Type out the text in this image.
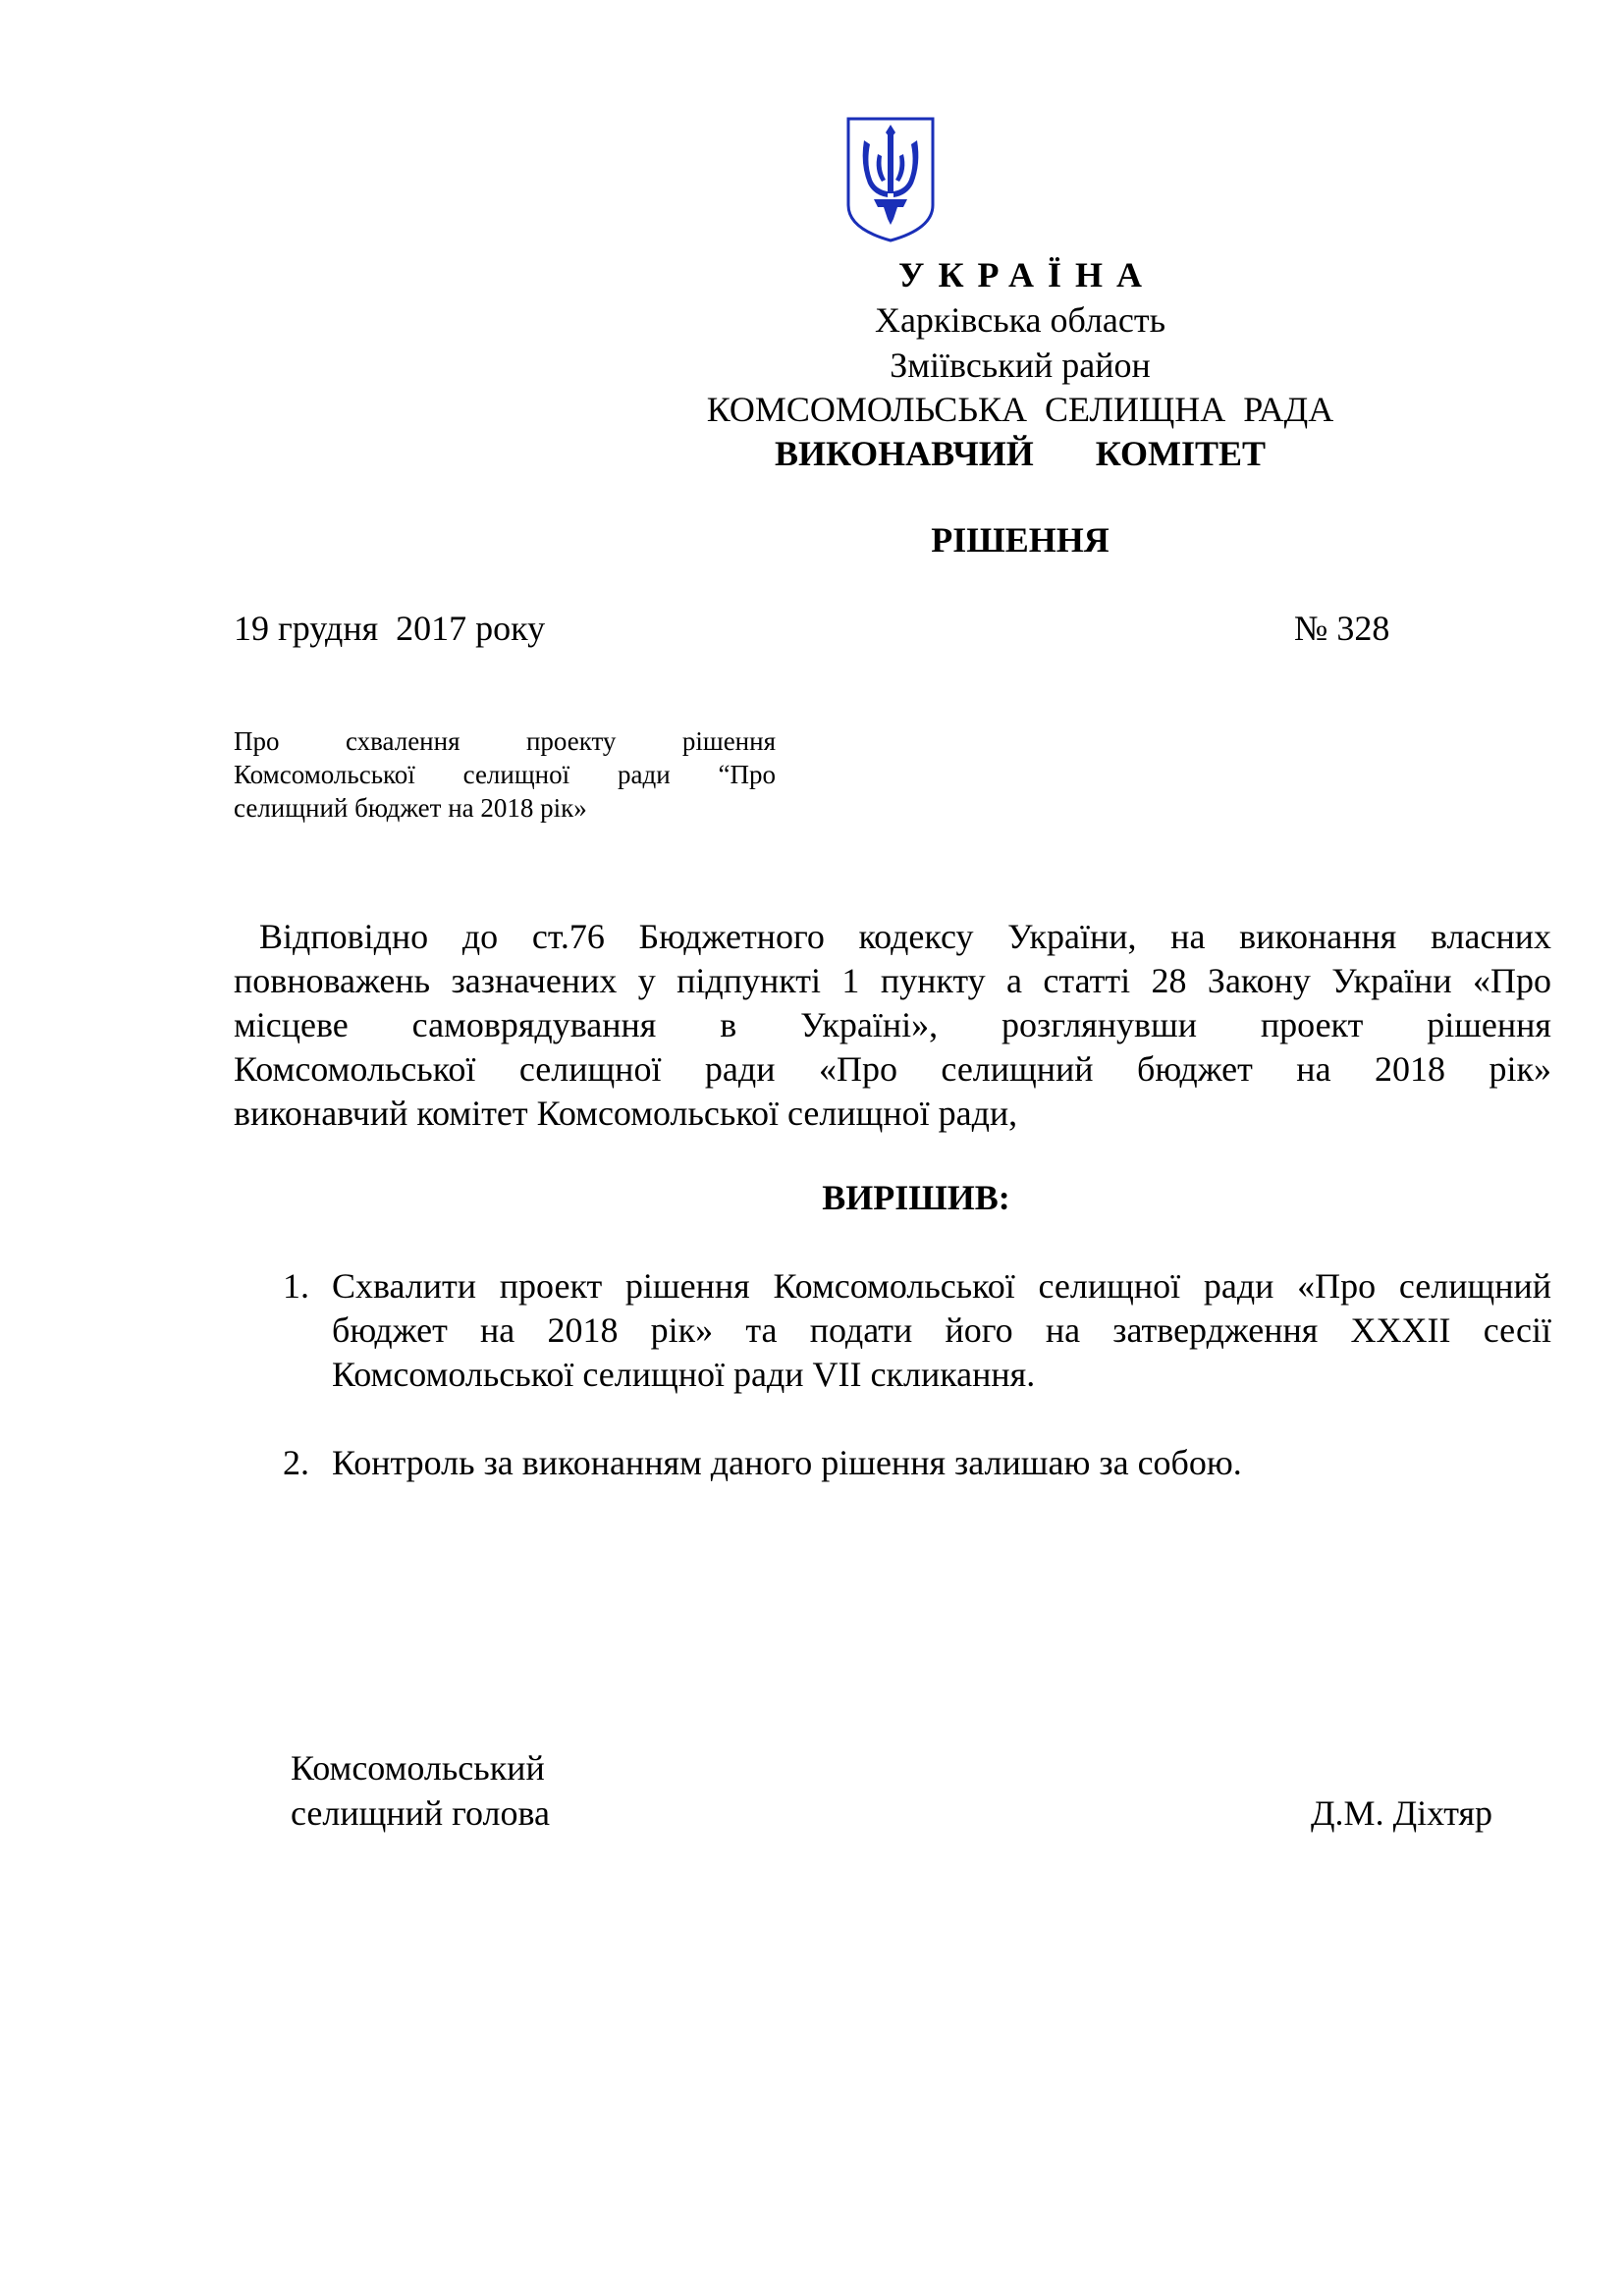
УКРАЇНА
Харківська область
Зміївський район
КОМСОМОЛЬСЬКА  СЕЛИЩНА  РАДА
ВИКОНАВЧИЙ   КОМІТЕТ
РІШЕННЯ
19 грудня  2017 року	№ 328
Про схвалення проекту рішення
Комсомольської селищної ради “Про
селищний бюджет на 2018 рік»
Відповідно до ст.76 Бюджетного кодексу України, на виконання власних
повноважень зазначених у підпункті 1 пункту а статті 28 Закону України «Про
місцеве самоврядування в Україні», розглянувши проект рішення
Комсомольської селищної ради «Про селищний бюджет на 2018 рік»
виконавчий комітет Комсомольської селищної ради,
ВИРІШИВ:
1. Схвалити проект рішення Комсомольської селищної ради «Про селищний
бюджет на 2018 рік» та подати його на затвердження XXXII сесії
Комсомольської селищної ради VII скликання.
2. Контроль за виконанням даного рішення залишаю за собою.
Комсомольський
селищний голова	Д.М. Діхтяр
